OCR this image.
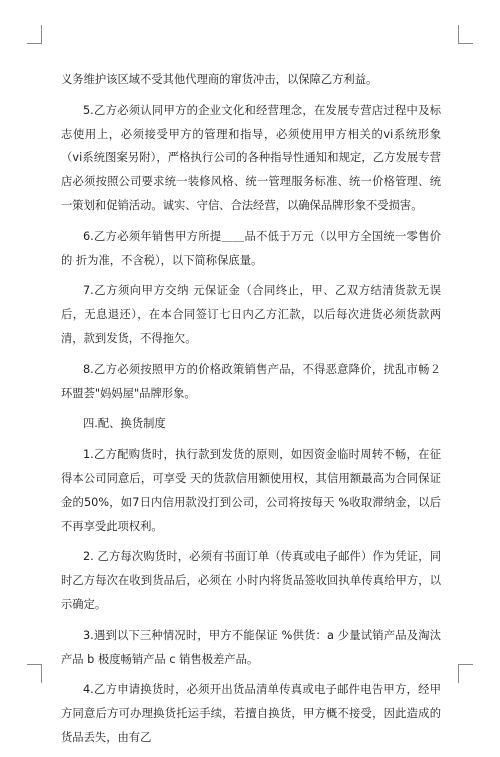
义务维护该区域不受其他代理商的窜货冲击，以保障乙方利益。

5.乙方必须认同甲方的企业文化和经营理念，在发展专营店过程中及标志使用上，必须接受甲方的管理和指导，必须使用甲方相关的vi系统形象（vi系统图案另附），严格执行公司的各种指导性通知和规定，乙方发展专营店必须按照公司要求统一装修风格、统一管理服务标准、统一价格管理、统一策划和促销活动。诚实、守信、合法经营，以确保品牌形象不受损害。

6.乙方必须年销售甲方所提＿＿品不低于万元（以甲方全国统一零售价的 折为准，不含税），以下简称保底量。

7.乙方须向甲方交纳 元保证金（合同终止，甲、乙双方结清货款无误后，无息退还），在本合同签订七日内乙方汇款，以后每次进货必须货款两清，款到发货，不得拖欠。

8.乙方必须按照甲方的价格政策销售产品，不得恶意降价，扰乱市畅２环盟荟"妈妈屋"品牌形象。

四.配、换货制度

1.乙方配购货时，执行款到发货的原则，如因资金临时周转不畅，在征得本公司同意后，可享受 天的货款信用额使用权，其信用额最高为合同保证金的50%，如7日内信用款没打到公司，公司将按每天 %收取滞纳金，以后不再享受此项权利。

2. 乙方每次购货时，必须有书面订单（传真或电子邮件）作为凭证，同时乙方每次在收到货品后，必须在 小时内将货品签收回执单传真给甲方，以示确定。

3.遇到以下三种情况时，甲方不能保证 %供货：a 少量试销产品及淘汰产品 b 极度畅销产品 c 销售极差产品。

4.乙方申请换货时，必须开出货品清单传真或电子邮件电告甲方，经甲方同意后方可办理换货托运手续，若擅自换货，甲方概不接受，因此造成的货品丢失，由有乙
